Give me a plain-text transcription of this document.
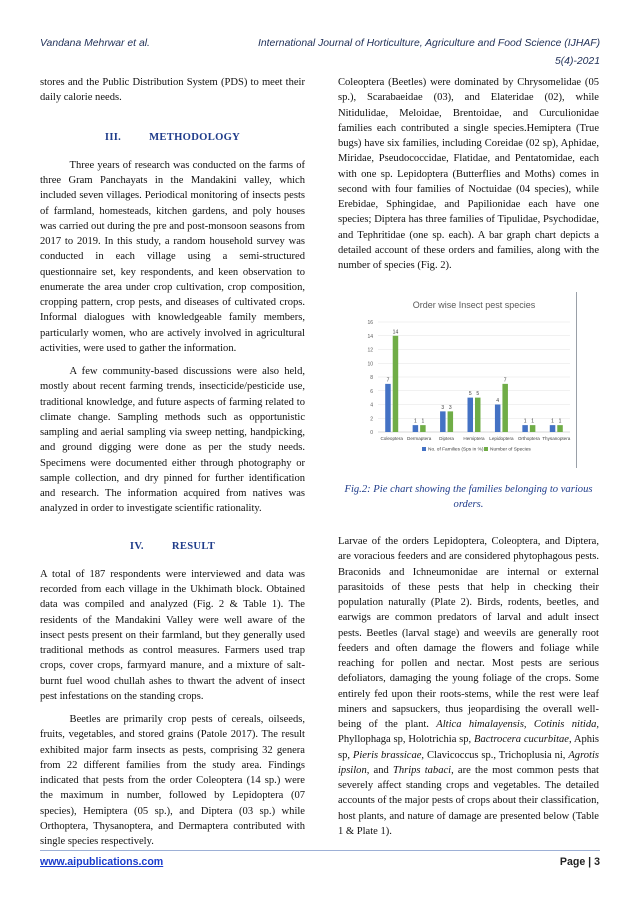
Vandana Mehrwar et al.	International Journal of Horticulture, Agriculture and Food Science (IJHAF)
5(4)-2021

stores and the Public Distribution System (PDS) to meet their daily calorie needs.

III.	METHODOLOGY

Three years of research was conducted on the farms of three Gram Panchayats in the Mandakini valley, which included seven villages. Periodical monitoring of insects pests of farmland, homesteads, kitchen gardens, and poly houses was carried out during the pre and post-monsoon seasons from 2017 to 2019. In this study, a random household survey was conducted in each village using a semi-structured questionnaire set, key respondents, and keen observation to enumerate the area under crop cultivation, crop composition, cropping pattern, crop pests, and diseases of cultivated crops. Informal dialogues with knowledgeable family members, particularly women, who are actively involved in agricultural activities, were used to gather the information.

A few community-based discussions were also held, mostly about recent farming trends, insecticide/pesticide use, traditional knowledge, and future aspects of farming related to climate change. Sampling methods such as opportunistic sampling and aerial sampling via sweep netting, handpicking, and ground digging were done as per the study needs. Specimens were documented either through photography or sample collection, and dry pinned for further identification and research. The information acquired from natives was analyzed in order to investigate scientific rationality.

IV.	RESULT

A total of 187 respondents were interviewed and data was recorded from each village in the Ukhimath block. Obtained data was compiled and analyzed (Fig. 2 & Table 1). The residents of the Mandakini Valley were well aware of the insect pests present on their farmland, but they generally used traditional methods as control measures. Farmers used trap crops, cover crops, farmyard manure, and a mixture of salt-burnt fuel wood chullah ashes to thwart the advent of insect pest infestations on the standing crops.

Beetles are primarily crop pests of cereals, oilseeds, fruits, vegetables, and stored grains (Patole 2017). The result exhibited major farm insects as pests, comprising 32 genera from 22 different families from the study area. Findings indicated that pests from the order Coleoptera (14 sp.) were the maximum in number, followed by Lepidoptera (07 species), Hemiptera (05 sp.), and Diptera (03 sp.) while Orthoptera, Thysanoptera, and Dermaptera contributed with single species respectively.

Coleoptera (Beetles) were dominated by Chrysomelidae (05 sp.), Scarabaeidae (03), and Elateridae (02), while Nitidulidae, Meloidae, Brentoidae, and Curculionidae families each contributed a single species.Hemiptera (True bugs) have six families, including Coreidae (02 sp), Aphidae, Miridae, Pseudococcidae, Flatidae, and Pentatomidae, each with one sp. Lepidoptera (Butterflies and Moths) comes in second with four families of Noctuidae (04 species), while Erebidae, Sphingidae, and Papilionidae each have one species; Diptera has three families of Tipulidae, Psychodidae, and Tephritidae (one sp. each). A bar graph chart depicts a detailed account of these orders and families, along with the number of species (Fig. 2).

Order wise Insect pest species
0
2
4
6
8
10
12
14
16
7
14
1 1
3 3
5 5
4
7
1 1	1 1
Coleoptera Dermaptera Diptera Hemiptera Lepidoptera Orthoptera Thysanoptera
No. of Families (Sps in %) Number of Species
Fig.2: Pie chart showing the families belonging to various orders.

Larvae of the orders Lepidoptera, Coleoptera, and Diptera, are voracious feeders and are considered phytophagous pests. Braconids and Ichneumonidae are internal or external parasitoids of these pests that help in checking their population naturally (Plate 2). Birds, rodents, beetles, and earwigs are common predators of larval and adult insect pests. Beetles (larval stage) and weevils are generally root feeders and often damage the flowers and foliage while reaching for pollen and nectar. Most pests are serious defoliators, damaging the young foliage of the crops. Some entirely fed upon their roots-stems, while the rest were leaf miners and sapsuckers, thus jeopardising the overall well-being of the plant. Altica himalayensis, Cotinis nitida, Phyllophaga sp, Holotrichia sp, Bactrocera cucurbitae, Aphis sp, Pieris brassicae, Clavicoccus sp., Trichoplusia ni, Agrotis ipsilon, and Thrips tabaci, are the most common pests that severely affect standing crops and vegetables. The detailed accounts of the major pests of crops about their classification, host plants, and nature of damage are presented below (Table 1 & Plate 1).

www.aipublications.com	Page | 3
